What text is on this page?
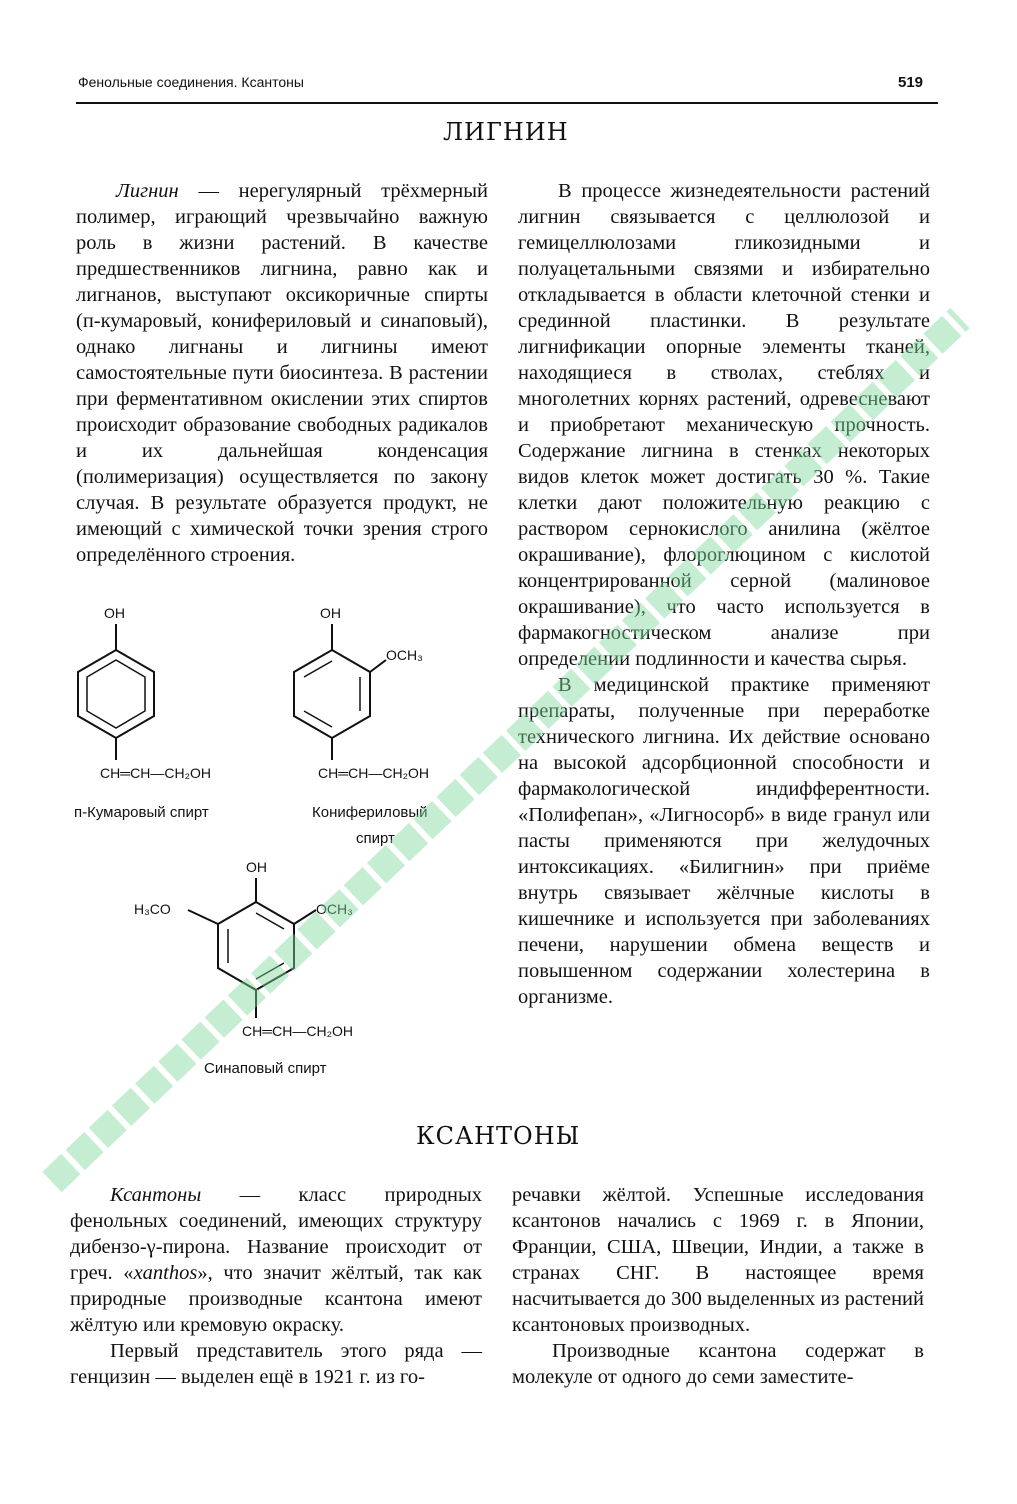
Фенольные соединения. Ксантоны	519
ЛИГНИН

Лигнин — нерегулярный трёхмерный полимер, играющий чрезвычайно важную роль в жизни растений. В качестве предшественников лигнина, равно как и лигнанов, выступают оксикоричные спирты (п-кумаровый, конифериловый и синаповый), однако лигнаны и лигнины имеют самостоятельные пути биосинтеза. В растении при ферментативном окислении этих спиртов происходит образование свободных радикалов и их дальнейшая конденсация (полимеризация) осуществляется по закону случая. В результате образуется продукт, не имеющий с химической точки зрения строго определённого строения.

В процессе жизнедеятельности растений лигнин связывается с целлюлозой и гемицеллюлозами гликозидными и полуацетальными связями и избирательно откладывается в области клеточной стенки и срединной пластинки. В результате лигнификации опорные элементы тканей, находящиеся в стволах, стеблях и многолетних корнях растений, одревесневают и приобретают механическую прочность. Содержание лигнина в стенках некоторых видов клеток может достигать 30 %. Такие клетки дают положительную реакцию с раствором сернокислого анилина (жёлтое окрашивание), флороглюцином с кислотой концентрированной серной (малиновое окрашивание), что часто используется в фармакогностическом анализе при определении подлинности и качества сырья.

В медицинской практике применяют препараты, полученные при переработке технического лигнина. Их действие основано на высокой адсорбционной способности и фармакологической индифферентности. «Полифепан», «Лигносорб» в виде гранул или пасты применяются при желудочных интоксикациях. «Билигнин» при приёме внутрь связывает жёлчные кислоты в кишечнике и используется при заболеваниях печени, нарушении обмена веществ и повышенном содержании холестерина в организме.

OH
CH═CH—CH₂OH
п-Кумаровый спирт
OH
OCH₃
CH═CH—CH₂OH
Конифериловый
спирт
OH
H₃CO	OCH₃
CH═CH—CH₂OH
Синаповый спирт
КСАНТОНЫ

Ксантоны — класс природных фенольных соединений, имеющих структуру дибензо-γ-пирона. Название происходит от греч. «xanthos», что значит жёлтый, так как природные производные ксантона имеют жёлтую или кремовую окраску.

Первый представитель этого ряда — генцизин — выделен ещё в 1921 г. из го-

речавки жёлтой. Успешные исследования ксантонов начались с 1969 г. в Японии, Франции, США, Швеции, Индии, а также в странах СНГ. В настоящее время насчитывается до 300 выделенных из растений ксантоновых производных.

Производные ксантона содержат в молекуле от одного до семи заместите-
